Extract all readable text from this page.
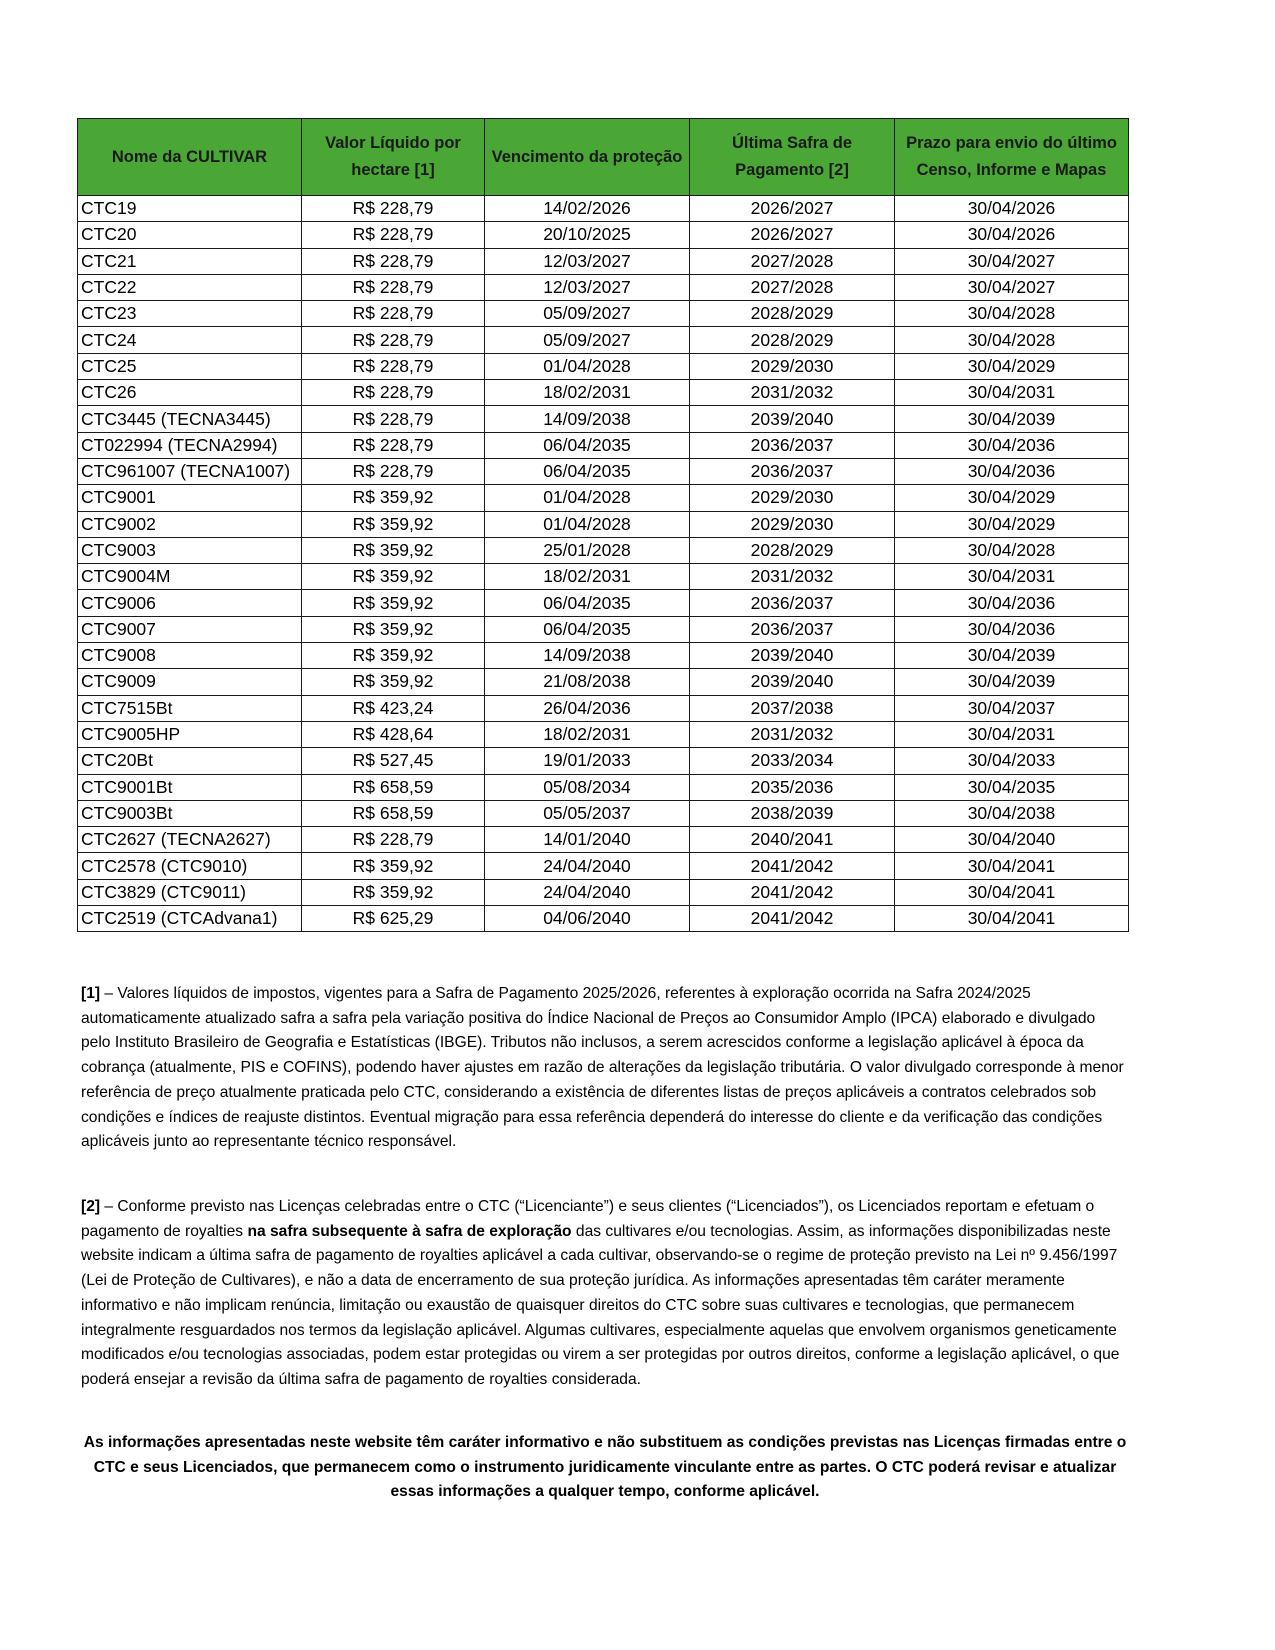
Nome da CULTIVAR	Valor Líquido por hectare [1]	Vencimento da proteção	Última Safra de Pagamento [2]	Prazo para envio do último Censo, Informe e Mapas
CTC19	R$ 228,79	14/02/2026	2026/2027	30/04/2026
CTC20	R$ 228,79	20/10/2025	2026/2027	30/04/2026
CTC21	R$ 228,79	12/03/2027	2027/2028	30/04/2027
CTC22	R$ 228,79	12/03/2027	2027/2028	30/04/2027
CTC23	R$ 228,79	05/09/2027	2028/2029	30/04/2028
CTC24	R$ 228,79	05/09/2027	2028/2029	30/04/2028
CTC25	R$ 228,79	01/04/2028	2029/2030	30/04/2029
CTC26	R$ 228,79	18/02/2031	2031/2032	30/04/2031
CTC3445 (TECNA3445)	R$ 228,79	14/09/2038	2039/2040	30/04/2039
CT022994 (TECNA2994)	R$ 228,79	06/04/2035	2036/2037	30/04/2036
CTC961007 (TECNA1007)	R$ 228,79	06/04/2035	2036/2037	30/04/2036
CTC9001	R$ 359,92	01/04/2028	2029/2030	30/04/2029
CTC9002	R$ 359,92	01/04/2028	2029/2030	30/04/2029
CTC9003	R$ 359,92	25/01/2028	2028/2029	30/04/2028
CTC9004M	R$ 359,92	18/02/2031	2031/2032	30/04/2031
CTC9006	R$ 359,92	06/04/2035	2036/2037	30/04/2036
CTC9007	R$ 359,92	06/04/2035	2036/2037	30/04/2036
CTC9008	R$ 359,92	14/09/2038	2039/2040	30/04/2039
CTC9009	R$ 359,92	21/08/2038	2039/2040	30/04/2039
CTC7515Bt	R$ 423,24	26/04/2036	2037/2038	30/04/2037
CTC9005HP	R$ 428,64	18/02/2031	2031/2032	30/04/2031
CTC20Bt	R$ 527,45	19/01/2033	2033/2034	30/04/2033
CTC9001Bt	R$ 658,59	05/08/2034	2035/2036	30/04/2035
CTC9003Bt	R$ 658,59	05/05/2037	2038/2039	30/04/2038
CTC2627 (TECNA2627)	R$ 228,79	14/01/2040	2040/2041	30/04/2040
CTC2578 (CTC9010)	R$ 359,92	24/04/2040	2041/2042	30/04/2041
CTC3829 (CTC9011)	R$ 359,92	24/04/2040	2041/2042	30/04/2041
CTC2519 (CTCAdvana1)	R$ 625,29	04/06/2040	2041/2042	30/04/2041

[1] – Valores líquidos de impostos, vigentes para a Safra de Pagamento 2025/2026, referentes à exploração ocorrida na Safra 2024/2025 automaticamente atualizado safra a safra pela variação positiva do Índice Nacional de Preços ao Consumidor Amplo (IPCA) elaborado e divulgado pelo Instituto Brasileiro de Geografia e Estatísticas (IBGE). Tributos não inclusos, a serem acrescidos conforme a legislação aplicável à época da cobrança (atualmente, PIS e COFINS), podendo haver ajustes em razão de alterações da legislação tributária. O valor divulgado corresponde à menor referência de preço atualmente praticada pelo CTC, considerando a existência de diferentes listas de preços aplicáveis a contratos celebrados sob condições e índices de reajuste distintos. Eventual migração para essa referência dependerá do interesse do cliente e da verificação das condições aplicáveis junto ao representante técnico responsável.

[2] – Conforme previsto nas Licenças celebradas entre o CTC (“Licenciante”) e seus clientes (“Licenciados”), os Licenciados reportam e efetuam o pagamento de royalties na safra subsequente à safra de exploração das cultivares e/ou tecnologias. Assim, as informações disponibilizadas neste website indicam a última safra de pagamento de royalties aplicável a cada cultivar, observando-se o regime de proteção previsto na Lei nº 9.456/1997 (Lei de Proteção de Cultivares), e não a data de encerramento de sua proteção jurídica. As informações apresentadas têm caráter meramente informativo e não implicam renúncia, limitação ou exaustão de quaisquer direitos do CTC sobre suas cultivares e tecnologias, que permanecem integralmente resguardados nos termos da legislação aplicável. Algumas cultivares, especialmente aquelas que envolvem organismos geneticamente modificados e/ou tecnologias associadas, podem estar protegidas ou virem a ser protegidas por outros direitos, conforme a legislação aplicável, o que poderá ensejar a revisão da última safra de pagamento de royalties considerada.

As informações apresentadas neste website têm caráter informativo e não substituem as condições previstas nas Licenças firmadas entre o CTC e seus Licenciados, que permanecem como o instrumento juridicamente vinculante entre as partes. O CTC poderá revisar e atualizar essas informações a qualquer tempo, conforme aplicável.
